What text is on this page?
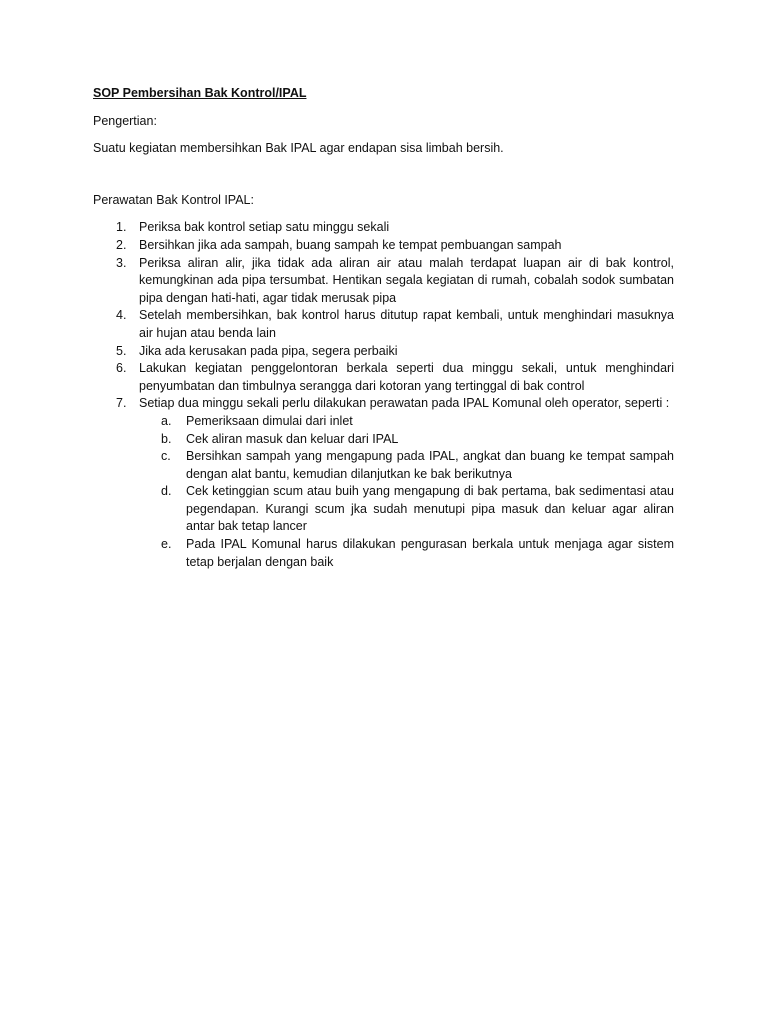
SOP Pembersihan Bak Kontrol/IPAL
Pengertian:
Suatu kegiatan membersihkan Bak IPAL agar endapan sisa limbah bersih.
Perawatan Bak Kontrol IPAL:
1. Periksa bak kontrol setiap satu minggu sekali
2. Bersihkan jika ada sampah, buang sampah ke tempat pembuangan sampah
3. Periksa aliran alir, jika tidak ada aliran air atau malah terdapat luapan air di bak kontrol, kemungkinan ada pipa tersumbat. Hentikan segala kegiatan di rumah, cobalah sodok sumbatan pipa dengan hati-hati, agar tidak merusak pipa
4. Setelah membersihkan, bak kontrol harus ditutup rapat kembali, untuk menghindari masuknya air hujan atau benda lain
5. Jika ada kerusakan pada pipa, segera perbaiki
6. Lakukan kegiatan penggelontoran berkala seperti dua minggu sekali, untuk menghindari penyumbatan dan timbulnya serangga dari kotoran yang tertinggal di bak control
7. Setiap dua minggu sekali perlu dilakukan perawatan pada IPAL Komunal oleh operator, seperti :
a. Pemeriksaan dimulai dari inlet
b. Cek aliran masuk dan keluar dari IPAL
c. Bersihkan sampah yang mengapung pada IPAL, angkat dan buang ke tempat sampah dengan alat bantu, kemudian dilanjutkan ke bak berikutnya
d. Cek ketinggian scum atau buih yang mengapung di bak pertama, bak sedimentasi atau pegendapan. Kurangi scum jka sudah menutupi pipa masuk dan keluar agar aliran antar bak tetap lancer
e. Pada IPAL Komunal harus dilakukan pengurasan berkala untuk menjaga agar sistem tetap berjalan dengan baik
